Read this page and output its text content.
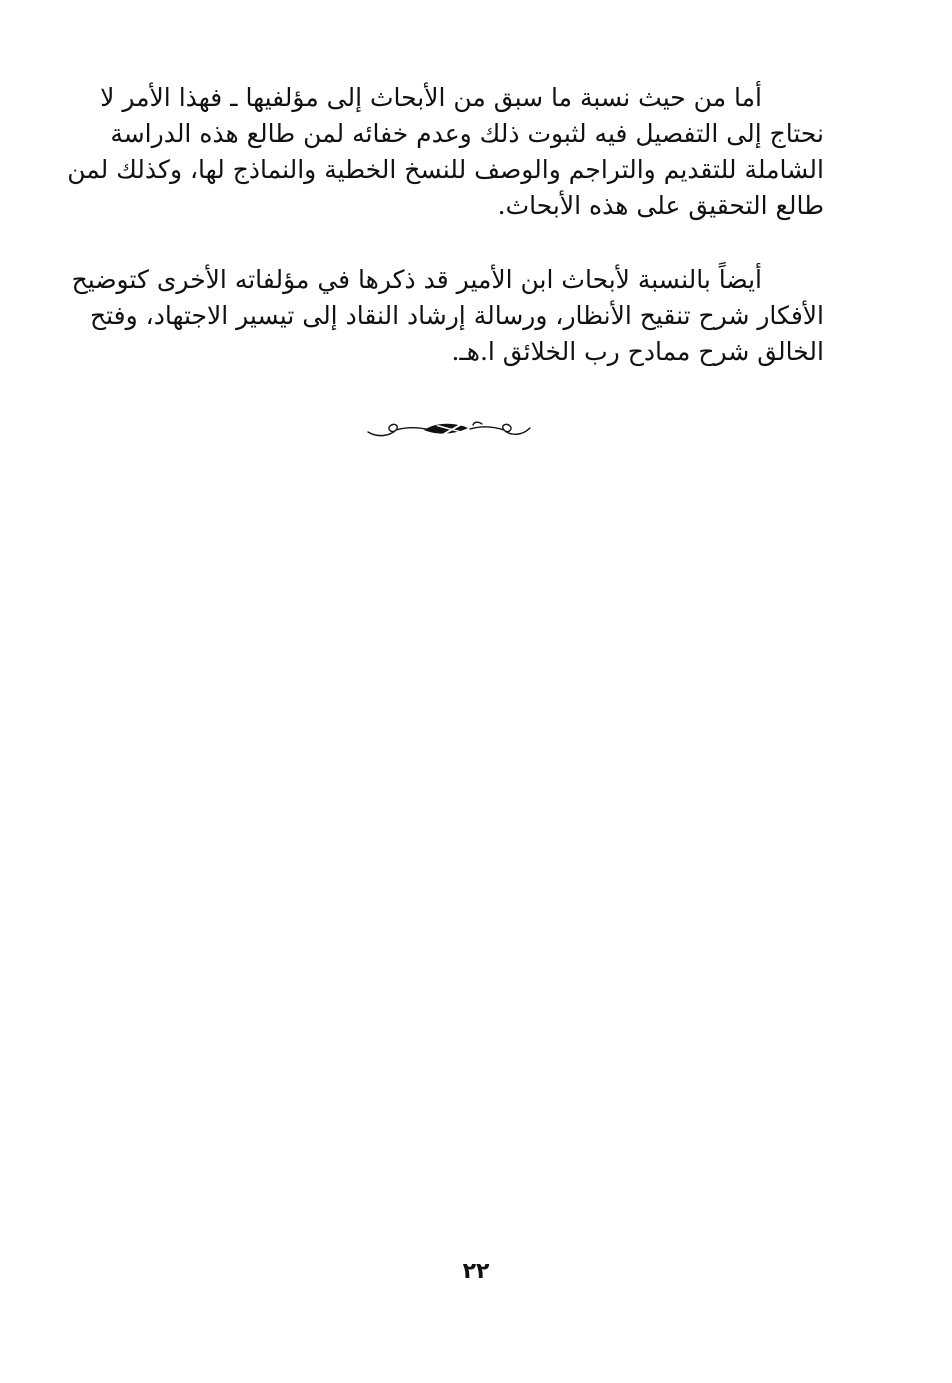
أما من حيث نسبة ما سبق من الأبحاث إلى مؤلفيها ـ فهذا الأمر لا
نحتاج إلى التفصيل فيه لثبوت ذلك وعدم خفائه لمن طالع هذه الدراسة
الشاملة للتقديم والتراجم والوصف للنسخ الخطية والنماذج لها، وكذلك لمن
طالع التحقيق على هذه الأبحاث.
أيضاً بالنسبة لأبحاث ابن الأمير قد ذكرها في مؤلفاته الأخرى كتوضيح
الأفكار شرح تنقيح الأنظار، ورسالة إرشاد النقاد إلى تيسير الاجتهاد، وفتح
الخالق شرح ممادح رب الخلائق ا.هـ.
٢٢
